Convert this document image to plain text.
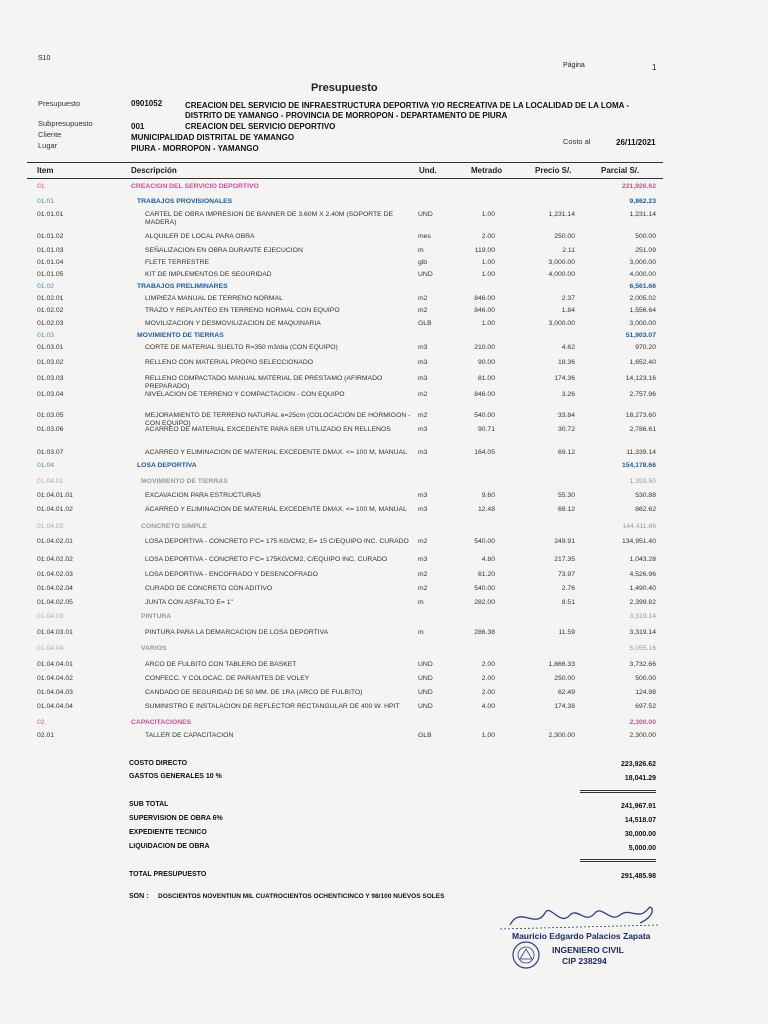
S10
Página	1
Presupuesto
Presupuesto	0901052	CREACION DEL SERVICIO DE INFRAESTRUCTURA DEPORTIVA Y/O RECREATIVA DE LA LOCALIDAD DE LA LOMA -
DISTRITO DE YAMANGO - PROVINCIA DE MORROPON - DEPARTAMENTO DE PIURA
Subpresupuesto	001	CREACION DEL SERVICIO DEPORTIVO
Cliente	MUNICIPALIDAD DISTRITAL DE YAMANGO	Costo al	26/11/2021
Lugar	PIURA - MORROPON - YAMANGO
Item	Descripción	Und.	Metrado	Precio S/.	Parcial S/.
01	CREACION DEL SERVICIO DEPORTIVO	221,926.62
01.01	TRABAJOS PROVISIONALES	9,862.23
01.01.01	CARTEL DE OBRA IMPRESION DE BANNER DE 3.60M X 2.40M (SOPORTE DE MADERA)
UND	1.00	1,231.14	1,231.14
01.01.02	ALQUILER DE LOCAL PARA OBRA	mes	2.00	250.00	500.00
01.01.03	SEÑALIZACION EN OBRA DURANTE EJECUCION	m	119.00	2.11	251.09
01.01.04	FLETE TERRESTRE	glb	1.00	3,000.00	3,000.00
01.01.05	KIT DE IMPLEMENTOS DE SEGURIDAD	UND	1.00	4,000.00	4,000.00
01.02	TRABAJOS PRELIMINARES	6,561.66
01.02.01	LIMPIEZA MANUAL DE TERRENO NORMAL	m2	846.00	2.37	2,005.02
01.02.02	TRAZO Y REPLANTEO EN TERRENO NORMAL CON EQUIPO	m2	846.00	1.84	1,556.64
01.02.03	MOVILIZACION Y DESMOVILIZACION DE MAQUINARIA	GLB	1.00	3,000.00	3,000.00
01.03	MOVIMIENTO DE TIERRAS	51,903.07
01.03.01	CORTE DE MATERIAL SUELTO R=350 m3/dia (CON EQUIPO)	m3	210.00	4.62	970.20
01.03.02	RELLENO CON MATERIAL PROPIO SELECCIONADO	m3	90.00	18.36	1,652.40
01.03.03	RELLENO COMPACTADO MANUAL MATERIAL DE PRESTAMO (AFIRMADO PREPARADO)
m3	81.00	174.36	14,123.16
01.03.04	NIVELACION DE TERRENO Y COMPACTACION - CON EQUIPO	m2	846.00	3.26	2,757.96
01.03.05	MEJORAMIENTO DE TERRENO NATURAL e=25cm (COLOCACION DE HORMIGON - CON EQUIPO)
m2	540.00	33.84	18,273.60
01.03.06	ACARREO DE MATERIAL EXCEDENTE PARA SER UTILIZADO EN RELLENOS	m3	90.71	30.72	2,786.61
01.03.07	ACARREO Y ELIMINACION DE MATERIAL EXCEDENTE DMAX. <= 100 M, MANUAL	m3	164.05	69.12	11,339.14
01.04	LOSA DEPORTIVA	154,178.66
01.04.01	MOVIMIENTO DE TIERRAS	1,393.50
01.04.01.01	EXCAVACION PARA ESTRUCTURAS	m3	9.60	55.30	530.88
01.04.01.02	ACARREO Y ELIMINACION DE MATERIAL EXCEDENTE DMAX. <= 100 M, MANUAL	m3	12.48	69.12	862.62
01.04.02	CONCRETO SIMPLE	144,411.86
01.04.02.01	LOSA DEPORTIVA - CONCRETO F'C= 175 KG/CM2, E= 15 C/EQUIPO INC. CURADO	m2	540.00	249.91	134,951.40
01.04.02.02	LOSA DEPORTIVA - CONCRETO F'C= 175KG/CM2, C/EQUIPO INC. CURADO	m3	4.80	217.35	1,043.28
01.04.02.03	LOSA DEPORTIVA - ENCOFRADO Y DESENCOFRADO	m2	61.20	73.97	4,526.96
01.04.02.04	CURADO DE CONCRETO CON ADITIVO	m2	540.00	2.76	1,490.40
01.04.02.05	JUNTA CON ASFALTO E= 1"	m	282.00	8.51	2,399.82
01.04.03	PINTURA	3,319.14
01.04.03.01	PINTURA PARA LA DEMARCACION DE LOSA DEPORTIVA	m	286.38	11.59	3,319.14
01.04.04	VARIOS	5,055.16
01.04.04.01	ARCO DE FULBITO CON TABLERO DE BASKET	UND	2.00	1,866.33	3,732.66
01.04.04.02	CONFECC. Y COLOCAC. DE PARANTES DE VOLEY	UND	2.00	250.00	500.00
01.04.04.03	CANDADO DE SEGURIDAD DE 50 MM. DE 1RA (ARCO DE FULBITO)	UND	2.00	62.49	124.98
01.04.04.04	SUMINISTRO E INSTALACION DE REFLECTOR RECTANGULAR DE 400 W. HPIT	UND	4.00	174.38	697.52
02	CAPACITACIONES	2,300.00
02.01	TALLER DE CAPACITACION	GLB	1.00	2,300.00	2,300.00
COSTO DIRECTO	223,926.62
GASTOS GENERALES 10 %	18,041.29
SUB TOTAL	241,967.91
SUPERVISION DE OBRA 6%	14,518.07
EXPEDIENTE TECNICO	30,000.00
LIQUIDACION DE OBRA	5,000.00
TOTAL PRESUPUESTO	291,485.98
SON : DOSCIENTOS NOVENTIUN MIL CUATROCIENTOS OCHENTICINCO Y 98/100 NUEVOS SOLES
Mauricio Edgardo Palacios Zapata
INGENIERO CIVIL
CIP 238294
